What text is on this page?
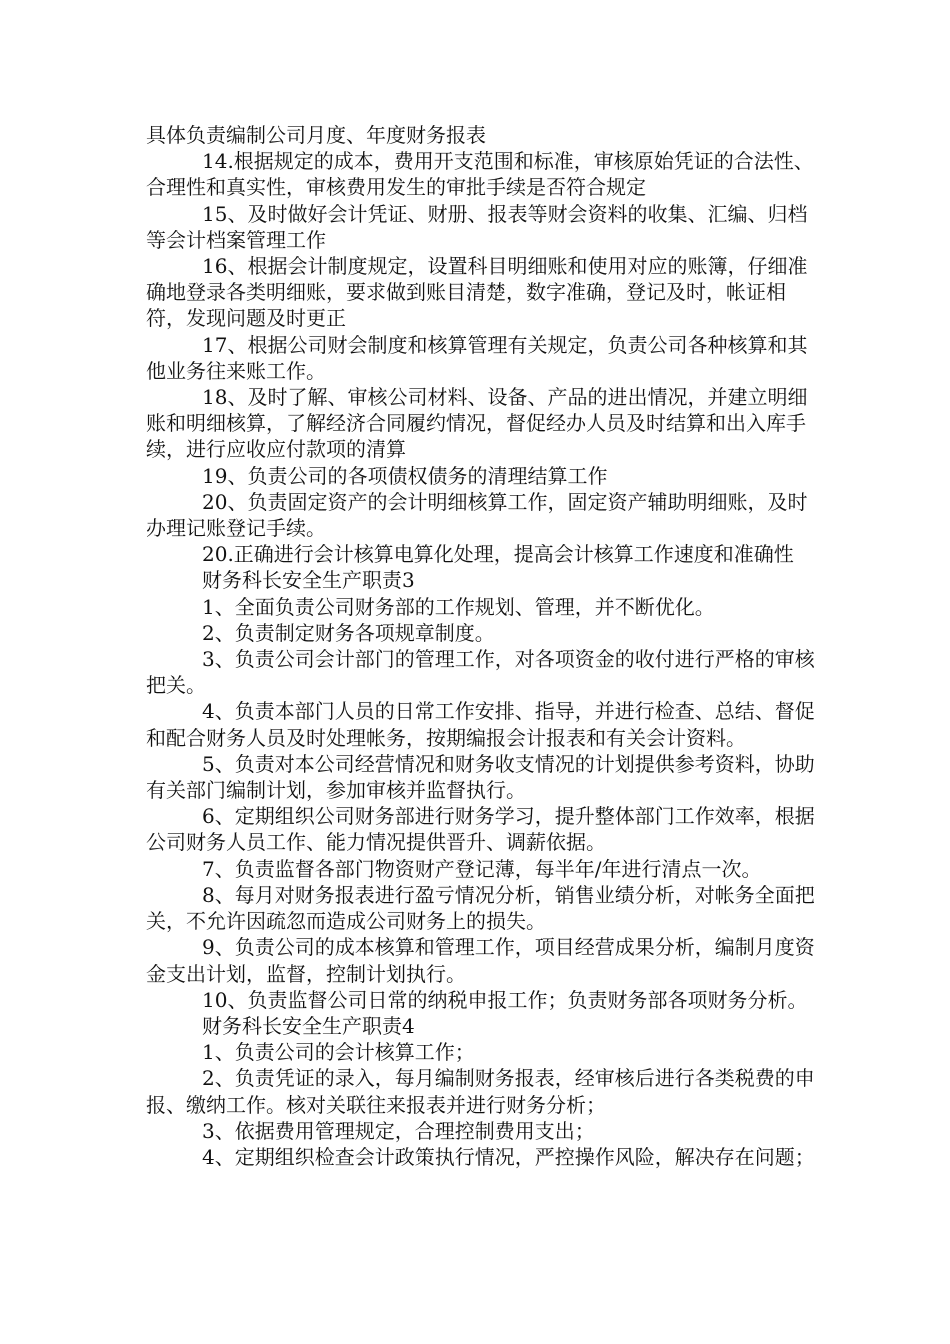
具体负责编制公司月度、年度财务报表

14.根据规定的成本，费用开支范围和标准，审核原始凭证的合法性、合理性和真实性，审核费用发生的审批手续是否符合规定

15、及时做好会计凭证、财册、报表等财会资料的收集、汇编、归档等会计档案管理工作

16、根据会计制度规定，设置科目明细账和使用对应的账簿，仔细准确地登录各类明细账，要求做到账目清楚，数字准确，登记及时，帐证相符，发现问题及时更正

17、根据公司财会制度和核算管理有关规定，负责公司各种核算和其他业务往来账工作。

18、及时了解、审核公司材料、设备、产品的进出情况，并建立明细账和明细核算，了解经济合同履约情况，督促经办人员及时结算和出入库手续，进行应收应付款项的清算

19、负责公司的各项债权债务的清理结算工作

20、负责固定资产的会计明细核算工作，固定资产辅助明细账，及时办理记账登记手续。

20.正确进行会计核算电算化处理，提高会计核算工作速度和准确性

财务科长安全生产职责3

1、全面负责公司财务部的工作规划、管理，并不断优化。

2、负责制定财务各项规章制度。

3、负责公司会计部门的管理工作，对各项资金的收付进行严格的审核把关。

4、负责本部门人员的日常工作安排、指导，并进行检查、总结、督促和配合财务人员及时处理帐务，按期编报会计报表和有关会计资料。

5、负责对本公司经营情况和财务收支情况的计划提供参考资料，协助有关部门编制计划，参加审核并监督执行。

6、定期组织公司财务部进行财务学习，提升整体部门工作效率，根据公司财务人员工作、能力情况提供晋升、调薪依据。

7、负责监督各部门物资财产登记薄，每半年/年进行清点一次。

8、每月对财务报表进行盈亏情况分析，销售业绩分析，对帐务全面把关，不允许因疏忽而造成公司财务上的损失。

9、负责公司的成本核算和管理工作，项目经营成果分析，编制月度资金支出计划，监督，控制计划执行。

10、负责监督公司日常的纳税申报工作；负责财务部各项财务分析。

财务科长安全生产职责4

1、负责公司的会计核算工作；

2、负责凭证的录入，每月编制财务报表，经审核后进行各类税费的申报、缴纳工作。核对关联往来报表并进行财务分析；

3、依据费用管理规定，合理控制费用支出；

4、定期组织检查会计政策执行情况，严控操作风险，解决存在问题；
